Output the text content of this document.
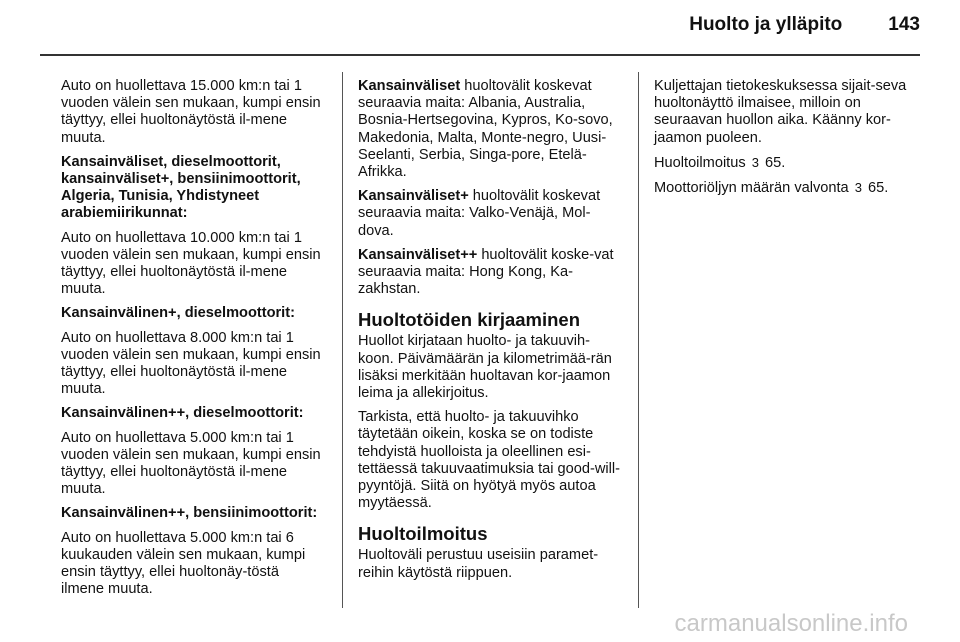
Huolto ja ylläpito 143

Auto on huollettava 15.000 km:n tai 1 vuoden välein sen mukaan, kumpi ensin täyttyy, ellei huoltonäytöstä il-mene muuta.

Kansainväliset, dieselmoottorit, kansainväliset+, bensiinimoottorit, Algeria, Tunisia, Yhdistyneet arabiemiirikunnat:

Auto on huollettava 10.000 km:n tai 1 vuoden välein sen mukaan, kumpi ensin täyttyy, ellei huoltonäytöstä il-mene muuta.

Kansainvälinen+, dieselmoottorit:

Auto on huollettava 8.000 km:n tai 1 vuoden välein sen mukaan, kumpi ensin täyttyy, ellei huoltonäytöstä il-mene muuta.

Kansainvälinen++, dieselmoottorit:

Auto on huollettava 5.000 km:n tai 1 vuoden välein sen mukaan, kumpi ensin täyttyy, ellei huoltonäytöstä il-mene muuta.

Kansainvälinen++, bensiinimoottorit:

Auto on huollettava 5.000 km:n tai 6 kuukauden välein sen mukaan, kumpi ensin täyttyy, ellei huoltonäy-töstä ilmene muuta.

Kansainväliset huoltovälit koskevat seuraavia maita: Albania, Australia, Bosnia-Hertsegovina, Kypros, Ko-sovo, Makedonia, Malta, Monte-negro, Uusi-Seelanti, Serbia, Singa-pore, Etelä-Afrikka.

Kansainväliset+ huoltovälit koskevat seuraavia maita: Valko-Venäjä, Mol-dova.

Kansainväliset++ huoltovälit koske-vat seuraavia maita: Hong Kong, Ka-zakhstan.

Huoltotöiden kirjaaminen

Huollot kirjataan huolto- ja takuuvih-koon. Päivämäärän ja kilometrimää-rän lisäksi merkitään huoltavan kor-jaamon leima ja allekirjoitus.

Tarkista, että huolto- ja takuuvihko täytetään oikein, koska se on todiste tehdyistä huolloista ja oleellinen esi-tettäessä takuuvaatimuksia tai good-will-pyyntöjä. Siitä on hyötyä myös autoa myytäessä.

Huoltoilmoitus

Huoltoväli perustuu useisiin paramet-reihin käytöstä riippuen.

Kuljettajan tietokeskuksessa sijait-seva huoltonäyttö ilmaisee, milloin on seuraavan huollon aika. Käänny kor-jaamon puoleen.

Huoltoilmoitus 3 65.

Moottoriöljyn määrän valvonta 3 65.

carmanualsonline.info
